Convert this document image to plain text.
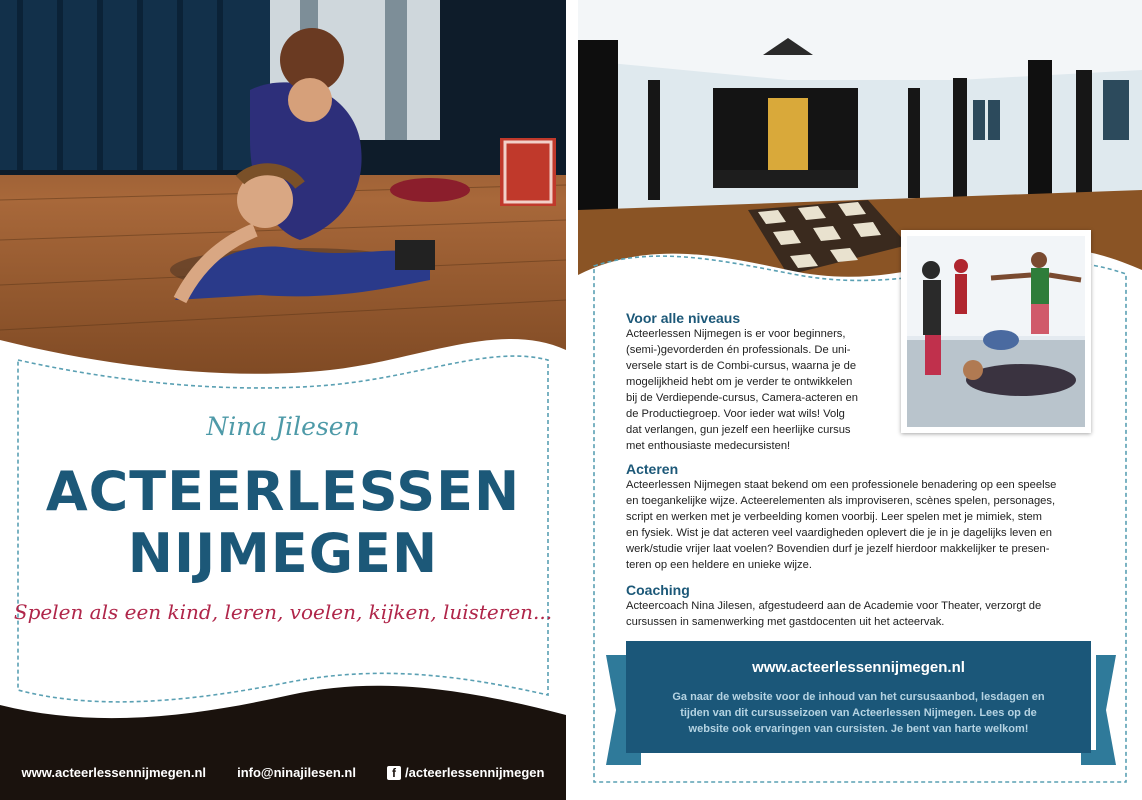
Nina Jilesen
ACTEERLESSEN
NIJMEGEN
Spelen als een kind, leren, voelen, kijken, luisteren...
www.acteerlessennijmegen.nl info@ninajilesen.nl	f /acteerlessennijmegen
Voor alle niveaus
Acteerlessen Nijmegen is er voor beginners,
(semi-)gevorderden én professionals. De uni-
versele start is de Combi-cursus, waarna je de
mogelijkheid hebt om je verder te ontwikkelen
bij de Verdiepende-cursus, Camera-acteren en
de Productiegroep. Voor ieder wat wils! Volg
dat verlangen, gun jezelf een heerlijke cursus
met enthousiaste medecursisten!
Acteren
Acteerlessen Nijmegen staat bekend om een professionele benadering op een speelse
en toegankelijke wijze. Acteerelementen als improviseren, scènes spelen, personages,
script en werken met je verbeelding komen voorbij. Leer spelen met je mimiek, stem
en fysiek. Wist je dat acteren veel vaardigheden oplevert die je in je dagelijks leven en
werk/studie vrijer laat voelen? Bovendien durf je jezelf hierdoor makkelijker te presen-
teren op een heldere en unieke wijze.
Coaching
Acteercoach Nina Jilesen, afgestudeerd aan de Academie voor Theater, verzorgt de
cursussen in samenwerking met gastdocenten uit het acteervak.
www.acteerlessennijmegen.nl
Ga naar de website voor de inhoud van het cursusaanbod, lesdagen en
tijden van dit cursusseizoen van Acteerlessen Nijmegen. Lees op de
website ook ervaringen van cursisten. Je bent van harte welkom!
